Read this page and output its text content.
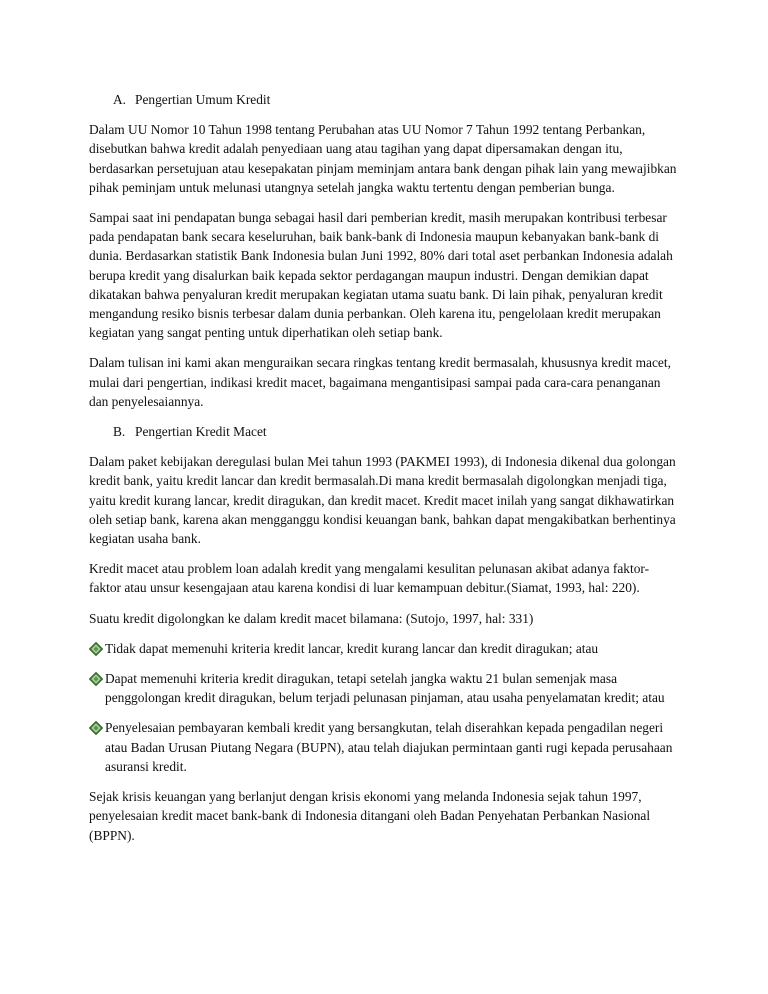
A. Pengertian Umum Kredit

Dalam UU Nomor 10 Tahun 1998 tentang Perubahan atas UU Nomor 7 Tahun 1992 tentang Perbankan, disebutkan bahwa kredit adalah penyediaan uang atau tagihan yang dapat dipersamakan dengan itu, berdasarkan persetujuan atau kesepakatan pinjam meminjam antara bank dengan pihak lain yang mewajibkan pihak peminjam untuk melunasi utangnya setelah jangka waktu tertentu dengan pemberian bunga.

Sampai saat ini pendapatan bunga sebagai hasil dari pemberian kredit, masih merupakan kontribusi terbesar pada pendapatan bank secara keseluruhan, baik bank-bank di Indonesia maupun kebanyakan bank-bank di dunia. Berdasarkan statistik Bank Indonesia bulan Juni 1992, 80% dari total aset perbankan Indonesia adalah berupa kredit yang disalurkan baik kepada sektor perdagangan maupun industri. Dengan demikian dapat dikatakan bahwa penyaluran kredit merupakan kegiatan utama suatu bank. Di lain pihak, penyaluran kredit mengandung resiko bisnis terbesar dalam dunia perbankan. Oleh karena itu, pengelolaan kredit merupakan kegiatan yang sangat penting untuk diperhatikan oleh setiap bank.

Dalam tulisan ini kami akan menguraikan secara ringkas tentang kredit bermasalah, khususnya kredit macet, mulai dari pengertian, indikasi kredit macet, bagaimana mengantisipasi sampai pada cara-cara penanganan dan penyelesaiannya.

B. Pengertian Kredit Macet

Dalam paket kebijakan deregulasi bulan Mei tahun 1993 (PAKMEI 1993), di Indonesia dikenal dua golongan kredit bank, yaitu kredit lancar dan kredit bermasalah.Di mana kredit bermasalah digolongkan menjadi tiga, yaitu kredit kurang lancar, kredit diragukan, dan kredit macet. Kredit macet inilah yang sangat dikhawatirkan oleh setiap bank, karena akan mengganggu kondisi keuangan bank, bahkan dapat mengakibatkan berhentinya kegiatan usaha bank.

Kredit macet atau problem loan adalah kredit yang mengalami kesulitan pelunasan akibat adanya faktor-faktor atau unsur kesengajaan atau karena kondisi di luar kemampuan debitur.(Siamat, 1993, hal: 220).

Suatu kredit digolongkan ke dalam kredit macet bilamana: (Sutojo, 1997, hal: 331)

Tidak dapat memenuhi kriteria kredit lancar, kredit kurang lancar dan kredit diragukan; atau
Dapat memenuhi kriteria kredit diragukan, tetapi setelah jangka waktu 21 bulan semenjak masa penggolongan kredit diragukan, belum terjadi pelunasan pinjaman, atau usaha penyelamatan kredit; atau
Penyelesaian pembayaran kembali kredit yang bersangkutan, telah diserahkan kepada pengadilan negeri atau Badan Urusan Piutang Negara (BUPN), atau telah diajukan permintaan ganti rugi kepada perusahaan asuransi kredit.

Sejak krisis keuangan yang berlanjut dengan krisis ekonomi yang melanda Indonesia sejak tahun 1997, penyelesaian kredit macet bank-bank di Indonesia ditangani oleh Badan Penyehatan Perbankan Nasional (BPPN).
